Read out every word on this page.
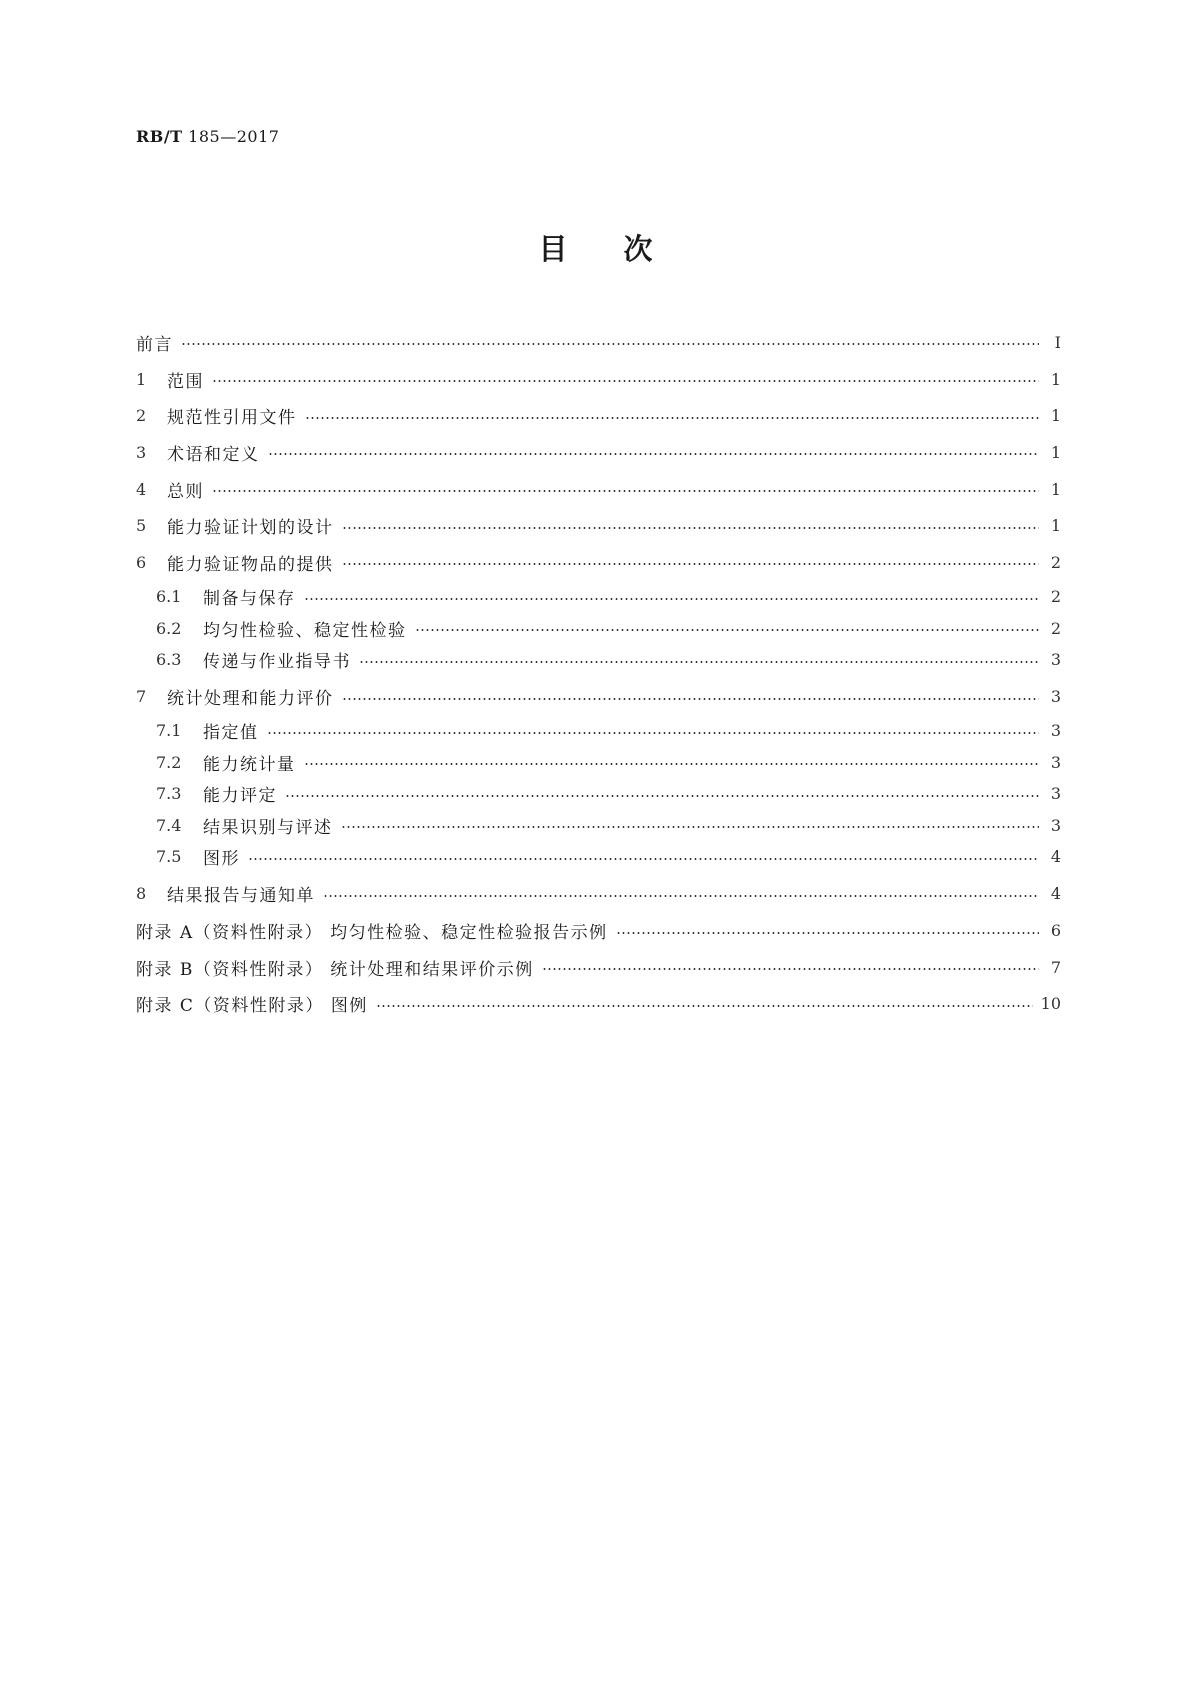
RB/T 185—2017
目 次
前言	Ⅰ
1	范围	1
2	规范性引用文件	1
3	术语和定义	1
4	总则	1
5	能力验证计划的设计	1
6	能力验证物品的提供	2
6.1	制备与保存	2
6.2	均匀性检验、稳定性检验	2
6.3	传递与作业指导书	3
7	统计处理和能力评价	3
7.1	指定值	3
7.2	能力统计量	3
7.3	能力评定	3
7.4	结果识别与评述	3
7.5	图形	4
8	结果报告与通知单	4
附录 A（资料性附录） 均匀性检验、稳定性检验报告示例	6
附录 B（资料性附录） 统计处理和结果评价示例	7
附录 C（资料性附录） 图例	10
